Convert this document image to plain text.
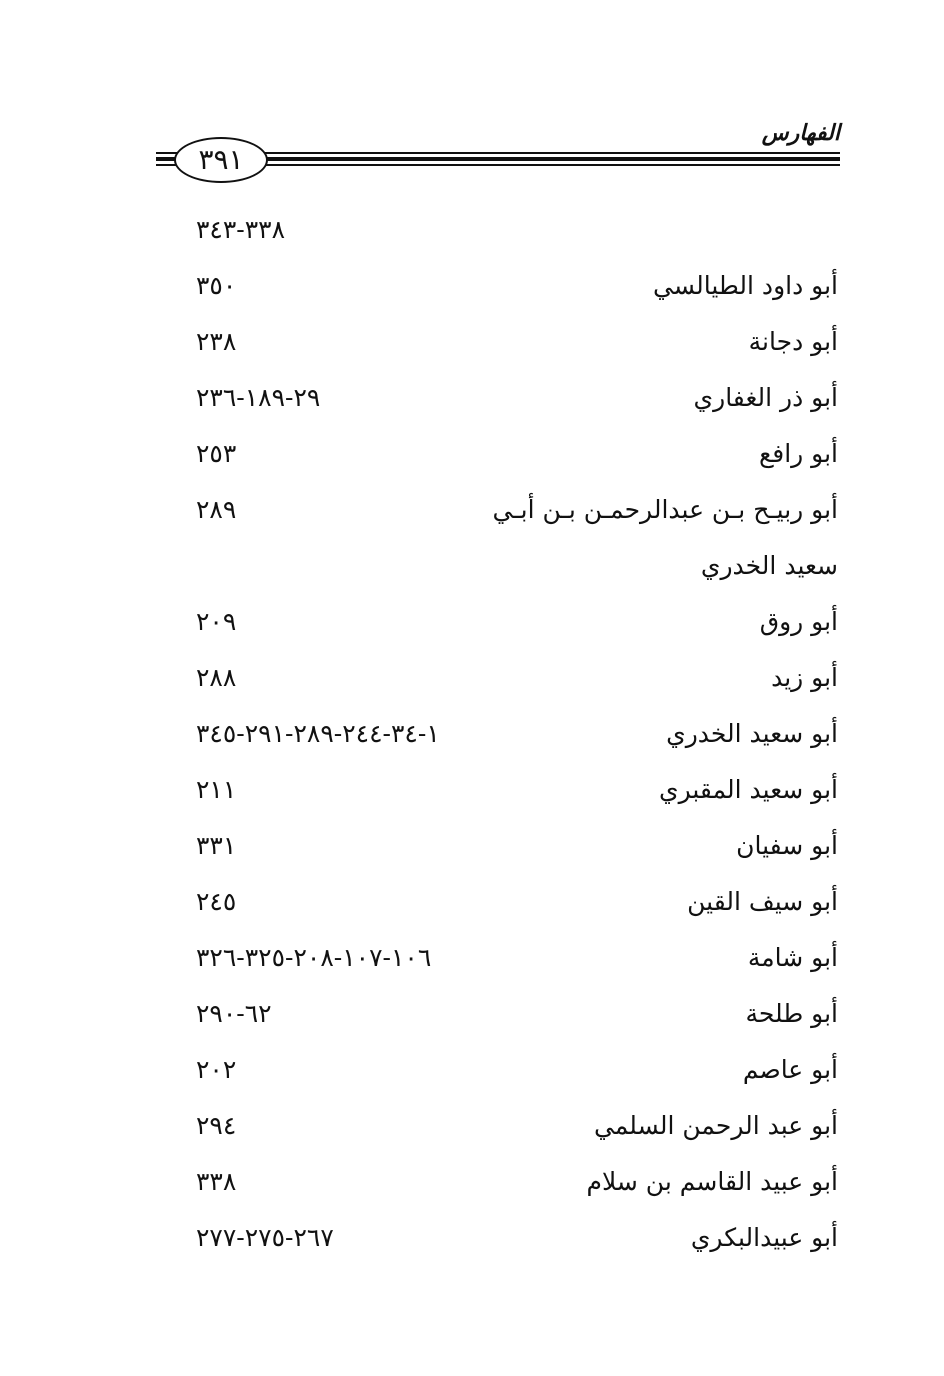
الفهارس
٣٩١
٣٣٨-٣٤٣
أبو داود الطيالسي
٣٥٠
أبو دجانة
٢٣٨
أبو ذر الغفاري
٢٩-١٨٩-٢٣٦
أبو رافع
٢٥٣
أبو ربيـح بـن عبدالرحمـن بـن أبـي
٢٨٩
سعيد الخدري
أبو روق
٢٠٩
أبو زيد
٢٨٨
أبو سعيد الخدري
١-٣٤-٢٤٤-٢٨٩-٢٩١-٣٤٥
أبو سعيد المقبري
٢١١
أبو سفيان
٣٣١
أبو سيف القين
٢٤٥
أبو شامة
١٠٦-١٠٧-٢٠٨-٣٢٥-٣٢٦
أبو طلحة
٦٢-٢٩٠
أبو عاصم
٢٠٢
أبو عبد الرحمن السلمي
٢٩٤
أبو عبيد القاسم بن سلام
٣٣٨
أبو عبيدالبكري
٢٦٧-٢٧٥-٢٧٧
